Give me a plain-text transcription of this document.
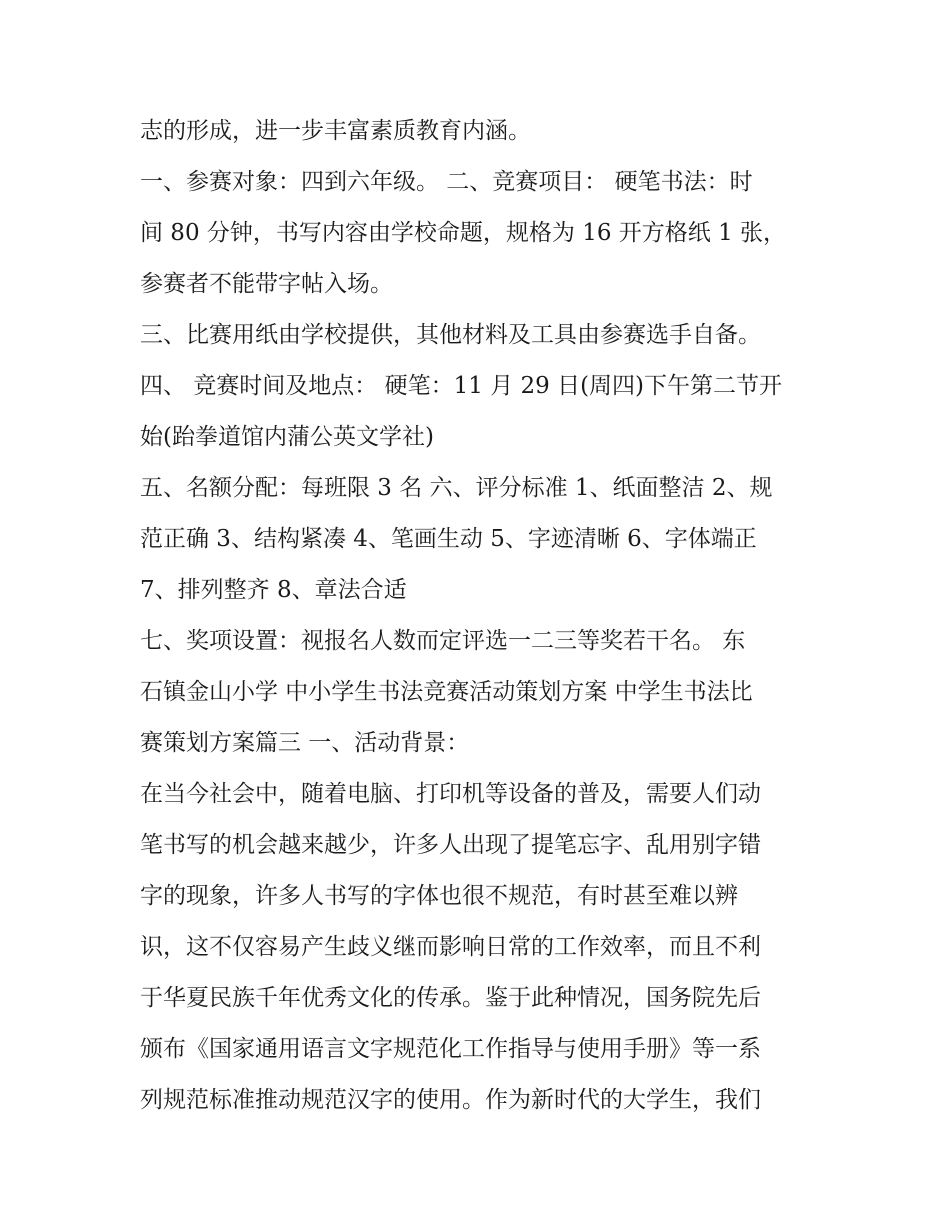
志的形成，进一步丰富素质教育内涵。
一、参赛对象：四到六年级。 二、竞赛项目： 硬笔书法：时
间 80 分钟，书写内容由学校命题，规格为 16 开方格纸 1 张，
参赛者不能带字帖入场。
三、比赛用纸由学校提供，其他材料及工具由参赛选手自备。
四、 竞赛时间及地点： 硬笔：11 月 29 日(周四)下午第二节开
始(跆拳道馆内蒲公英文学社)
五、名额分配：每班限 3 名 六、评分标准 1、纸面整洁 2、规
范正确 3、结构紧凑 4、笔画生动 5、字迹清晰 6、字体端正
7、排列整齐 8、章法合适
七、奖项设置：视报名人数而定评选一二三等奖若干名。 东
石镇金山小学 中小学生书法竞赛活动策划方案 中学生书法比
赛策划方案篇三 一、活动背景：
在当今社会中，随着电脑、打印机等设备的普及，需要人们动
笔书写的机会越来越少，许多人出现了提笔忘字、乱用别字错
字的现象，许多人书写的字体也很不规范，有时甚至难以辨
识，这不仅容易产生歧义继而影响日常的工作效率，而且不利
于华夏民族千年优秀文化的传承。鉴于此种情况，国务院先后
颁布《国家通用语言文字规范化工作指导与使用手册》等一系
列规范标准推动规范汉字的使用。作为新时代的大学生，我们
